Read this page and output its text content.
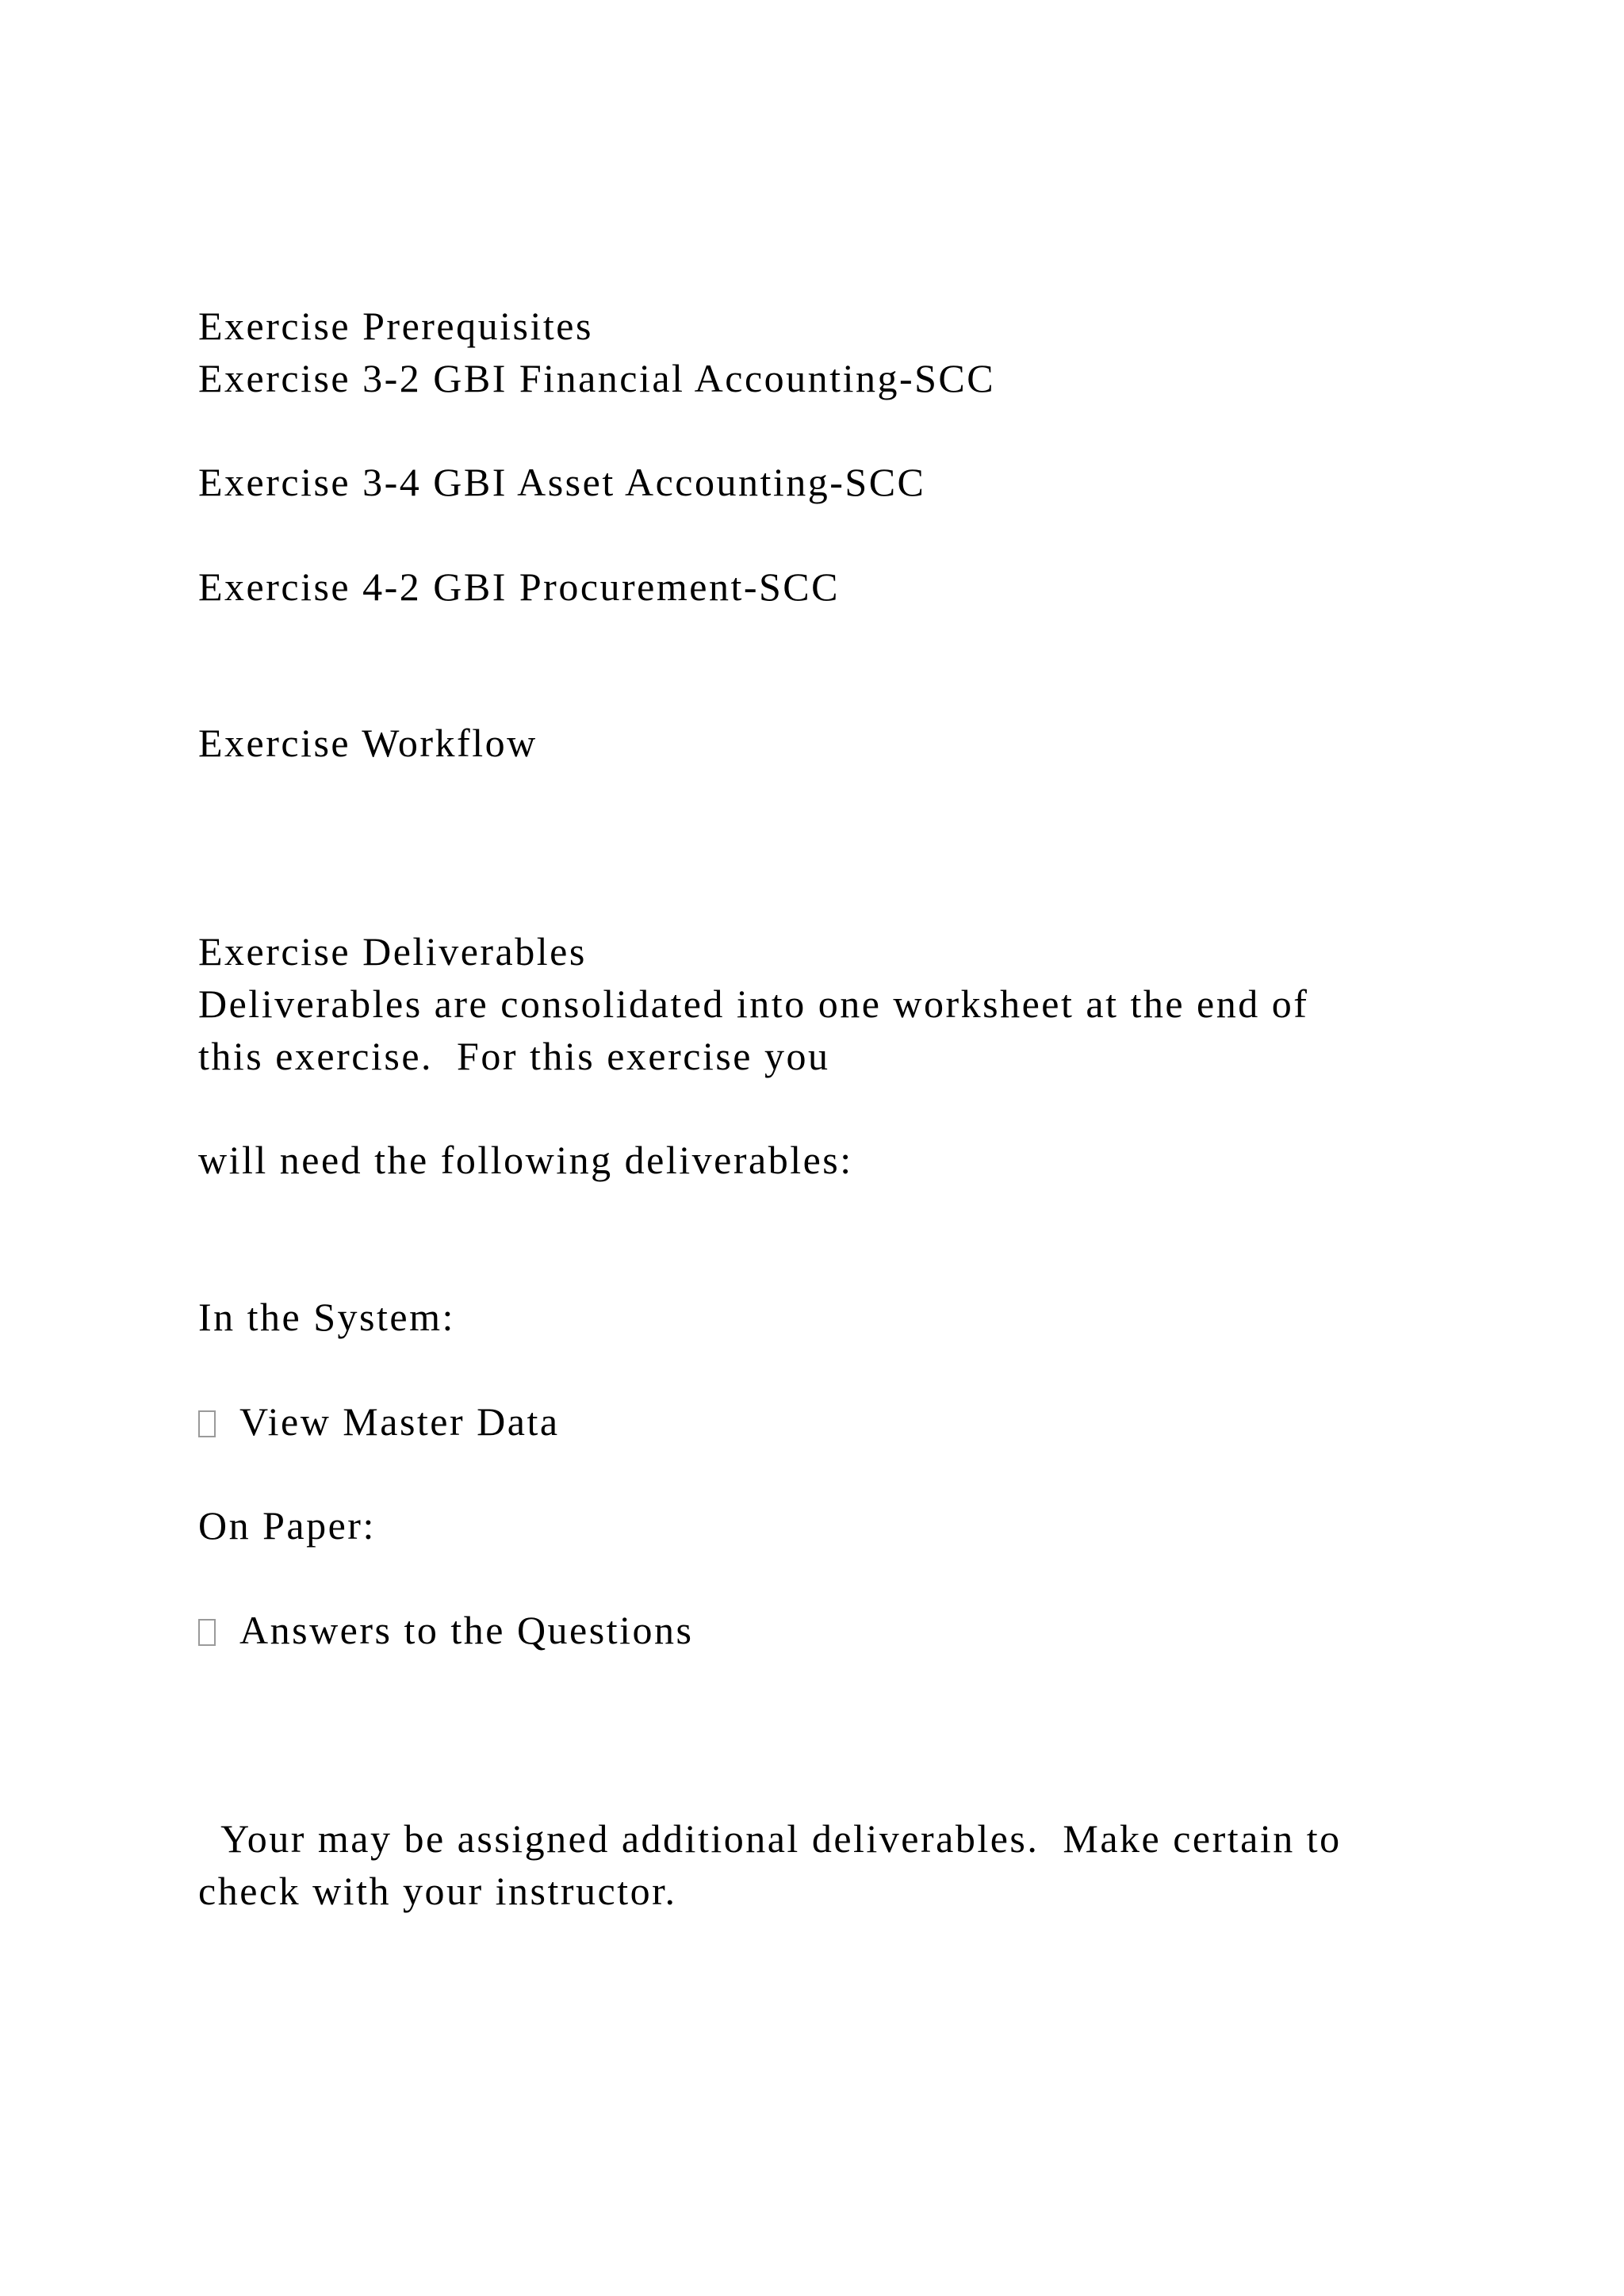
Exercise Prerequisites
Exercise 3-2 GBI Financial Accounting-SCC
Exercise 3-4 GBI Asset Accounting-SCC
Exercise 4-2 GBI Procurement-SCC
Exercise Workflow
Exercise Deliverables
Deliverables are consolidated into one worksheet at the end of
this exercise.  For this exercise you
will need the following deliverables:
In the System:
View Master Data
On Paper:
Answers to the Questions
Your may be assigned additional deliverables.  Make certain to
check with your instructor.
